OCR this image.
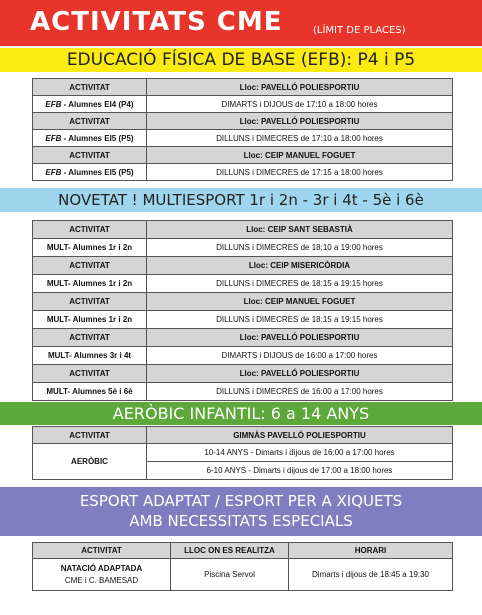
ACTIVITATS CME	(LÍMIT DE PLACES)
EDUCACIÓ FÍSICA DE BASE (EFB): P4 i P5
ACTIVITAT	Lloc: PAVELLÓ POLIESPORTIU
EFB - Alumnes EI4 (P4)	DIMARTS i DIJOUS de 17:10 a 18:00 hores
ACTIVITAT	Lloc: PAVELLÓ POLIESPORTIU
EFB - Alumnes EI5 (P5)	DILLUNS i DIMECRES de 17:10 a 18:00 hores
ACTIVITAT	Lloc: CEIP MANUEL FOGUET
EFB - Alumnes EI5 (P5)	DILLUNS i DIMECRES de 17:15 a 18:00 hores
NOVETAT ! MULTIESPORT 1r i 2n - 3r i 4t - 5è i 6è
ACTIVITAT	Lloc: CEIP SANT SEBASTIÀ
MULT- Alumnes 1r i 2n	DILLUNS i DIMECRES de 18:10 a 19:00 hores
ACTIVITAT	Lloc: CEIP MISERICÒRDIA
MULT- Alumnes 1r i 2n	DILLUNS i DIMECRES de 18:15 a 19:15 hores
ACTIVITAT	Lloc: CEIP MANUEL FOGUET
MULT- Alumnes 1r i 2n	DILLUNS i DIMECRES de 18:15 a 19:15 hores
ACTIVITAT	Lloc: PAVELLÓ POLIESPORTIU
MULT- Alumnes 3r i 4t	DIMARTS i DIJOUS de 16:00 a 17:00 hores
ACTIVITAT	Lloc: PAVELLÓ POLIESPORTIU
MULT- Alumnes 5è i 6è	DILLUNS i DIMECRES de 16:00 a 17:00 hores
AERÒBIC INFANTIL: 6 a 14 ANYS
ACTIVITAT	GIMNÀS PAVELLÓ POLIESPORTIU
AERÒBIC	10-14 ANYS - Dimarts i dijous de 16:00 a 17:00 hores
	6-10 ANYS - Dimarts i dijous de 17:00 a 18:00 hores
ESPORT ADAPTAT / ESPORT PER A XIQUETS
AMB NECESSITATS ESPECIALS
ACTIVITAT	LLOC ON ES REALITZA	HORARI

NATACIÓ ADAPTADA
CME i C. BAMESAD	Piscina Servol	Dimarts i dijous de 18:45 a 19:30
